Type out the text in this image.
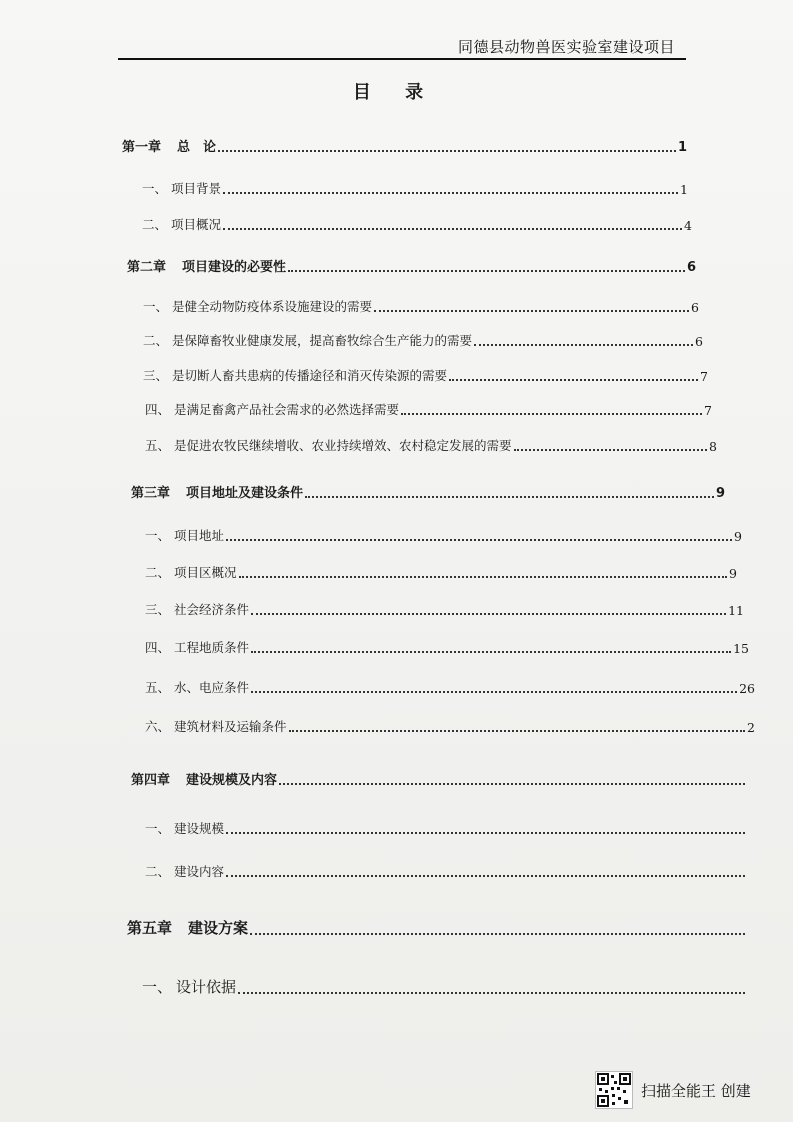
同德县动物兽医实验室建设项目
目 录
第一章 总　论	1
一、 项目背景	1
二、 项目概况	4
第二章 项目建设的必要性	6
一、 是健全动物防疫体系设施建设的需要	6
二、 是保障畜牧业健康发展，提高畜牧综合生产能力的需要	6
三、 是切断人畜共患病的传播途径和消灭传染源的需要	7
四、 是满足畜禽产品社会需求的必然选择需要	7
五、 是促进农牧民继续增收、农业持续增效、农村稳定发展的需要	8
第三章 项目地址及建设条件	9
一、 项目地址	9
二、 项目区概况	9
三、 社会经济条件	11
四、 工程地质条件	15
五、 水、电应条件	26
六、 建筑材料及运输条件	2
第四章 建设规模及内容
一、 建设规模
二、 建设内容
第五章 建设方案
一、 设计依据
扫描全能王 创建
